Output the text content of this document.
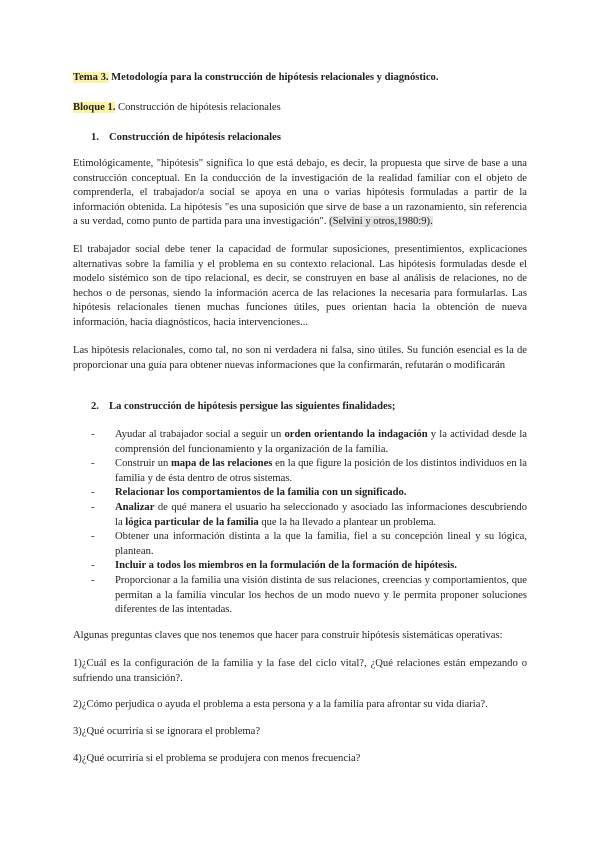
Tema 3. Metodología para la construcción de hipótesis relacionales y diagnóstico.
Bloque 1. Construcción de hipótesis relacionales
1. Construcción de hipótesis relacionales
Etimológicamente, "hipótesis" significa lo que está debajo, es decir, la propuesta que sirve de base a una construcción conceptual. En la conducción de la investigación de la realidad familiar con el objeto de comprenderla, el trabajador/a social se apoya en una o varias hipótesis formuladas a partir de la información obtenida. La hipótesis "es una suposición que sirve de base a un razonamiento, sin referencia a su verdad, como punto de partida para una investigación". (Selvini y otros,1980:9).
El trabajador social debe tener la capacidad de formular suposiciones, presentimientos, explicaciones alternativas sobre la familia y el problema en su contexto relacional. Las hipótesis formuladas desde el modelo sistémico son de tipo relacional, es decir, se construyen en base al análisis de relaciones, no de hechos o de personas, siendo la información acerca de las relaciones la necesaria para formularlas. Las hipótesis relacionales tienen muchas funciones útiles, pues orientan hacia la obtención de nueva información, hacia diagnósticos, hacia intervenciones...
Las hipótesis relacionales, como tal, no son ni verdadera ni falsa, sino útiles. Su función esencial es la de proporcionar una guía para obtener nuevas informaciones que la confirmarán, refutarán o modificarán
2. La construcción de hipótesis persigue las siguientes finalidades;
- Ayudar al trabajador social a seguir un orden orientando la indagación y la actividad desde la comprensión del funcionamiento y la organización de la familia.
- Construir un mapa de las relaciones en la que figure la posición de los distintos individuos en la familia y de ésta dentro de otros sistemas.
- Relacionar los comportamientos de la familia con un significado.
- Analizar de qué manera el usuario ha seleccionado y asociado las informaciones descubriendo la lógica particular de la familia que la ha llevado a plantear un problema.
- Obtener una información distinta a la que la familia, fiel a su concepción lineal y su lógica, plantean.
- Incluir a todos los miembros en la formulación de la formación de hipótesis.
- Proporcionar a la familia una visión distinta de sus relaciones, creencias y comportamientos, que permitan a la familia vincular los hechos de un modo nuevo y le permita proponer soluciones diferentes de las intentadas.
Algunas preguntas claves que nos tenemos que hacer para construir hipótesis sistemáticas operativas:
1)¿Cuál es la configuración de la familia y la fase del ciclo vital?, ¿Qué relaciones están empezando o sufriendo una transición?.
2)¿Cómo perjudica o ayuda el problema a esta persona y a la familia para afrontar su vida diaria?.
3)¿Qué ocurriría si se ignorara el problema?
4)¿Qué ocurriría si el problema se produjera con menos frecuencia?
